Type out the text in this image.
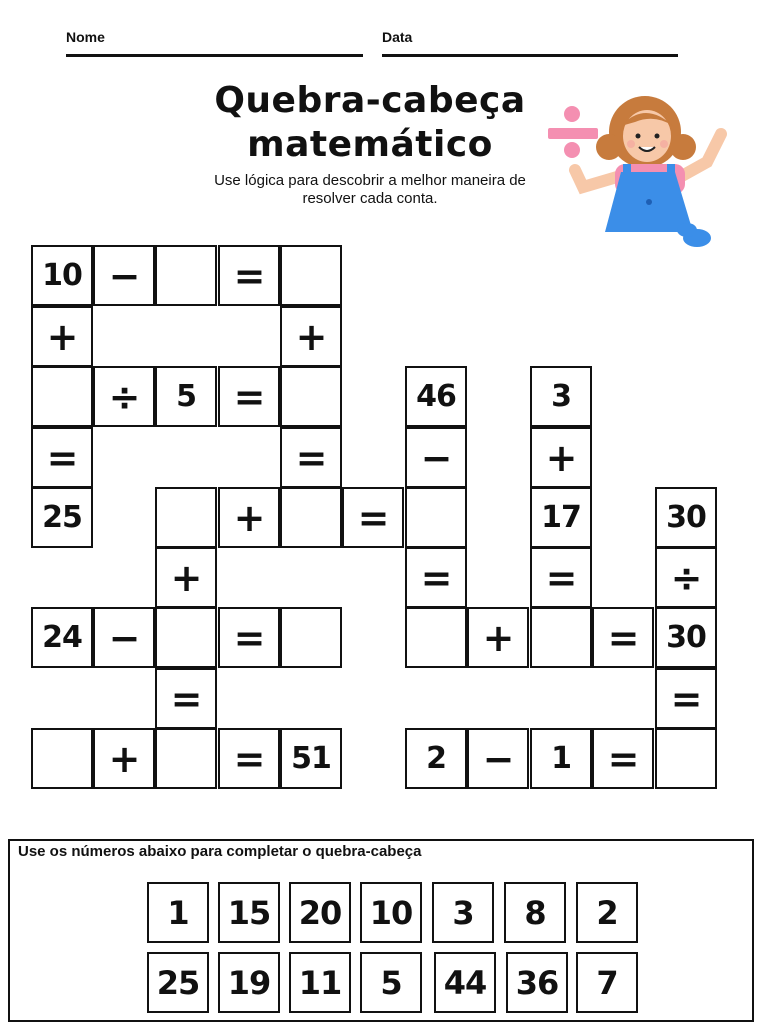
Nome	Data
Quebra-cabeça
matemático
Use lógica para descobrir a melhor maneira de
resolver cada conta.
10 −	=
+	+
÷	5 =	46	3
=	=	−	+
25	+	=	17	30
+	=	=	÷
24 −	=	+	= 30
=	=
+	= 51	2 −	1 =
Use os números abaixo para completar o quebra-cabeça
1	15 20 10	3	8	2
25 19 11	5	44 36	7
